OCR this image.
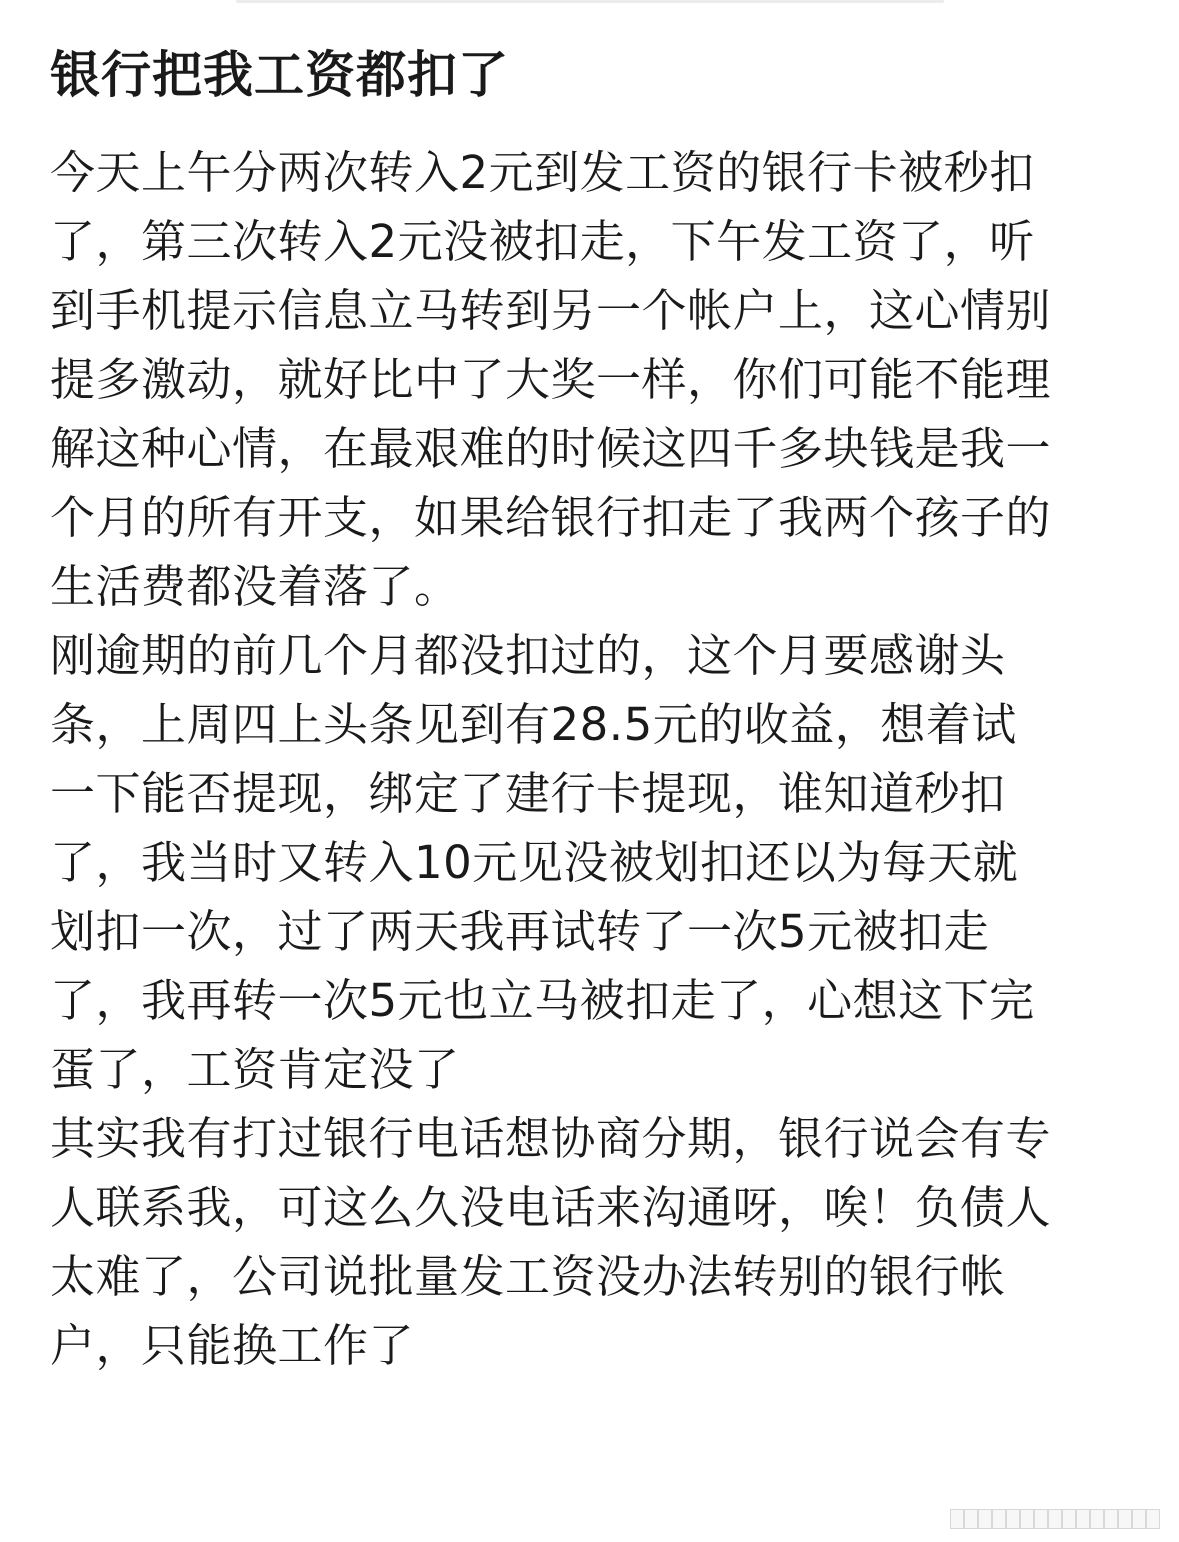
银行把我工资都扣了
今天上午分两次转入2元到发工资的银行卡被秒扣
了，第三次转入2元没被扣走，下午发工资了，听
到手机提示信息立马转到另一个帐户上，这心情别
提多激动，就好比中了大奖一样，你们可能不能理
解这种心情，在最艰难的时候这四千多块钱是我一
个月的所有开支，如果给银行扣走了我两个孩子的
生活费都没着落了。
刚逾期的前几个月都没扣过的，这个月要感谢头
条，上周四上头条见到有28.5元的收益，想着试
一下能否提现，绑定了建行卡提现，谁知道秒扣
了，我当时又转入10元见没被划扣还以为每天就
划扣一次，过了两天我再试转了一次5元被扣走
了，我再转一次5元也立马被扣走了，心想这下完
蛋了，工资肯定没了
其实我有打过银行电话想协商分期，银行说会有专
人联系我，可这么久没电话来沟通呀，唉！负债人
太难了，公司说批量发工资没办法转别的银行帐
户，只能换工作了
